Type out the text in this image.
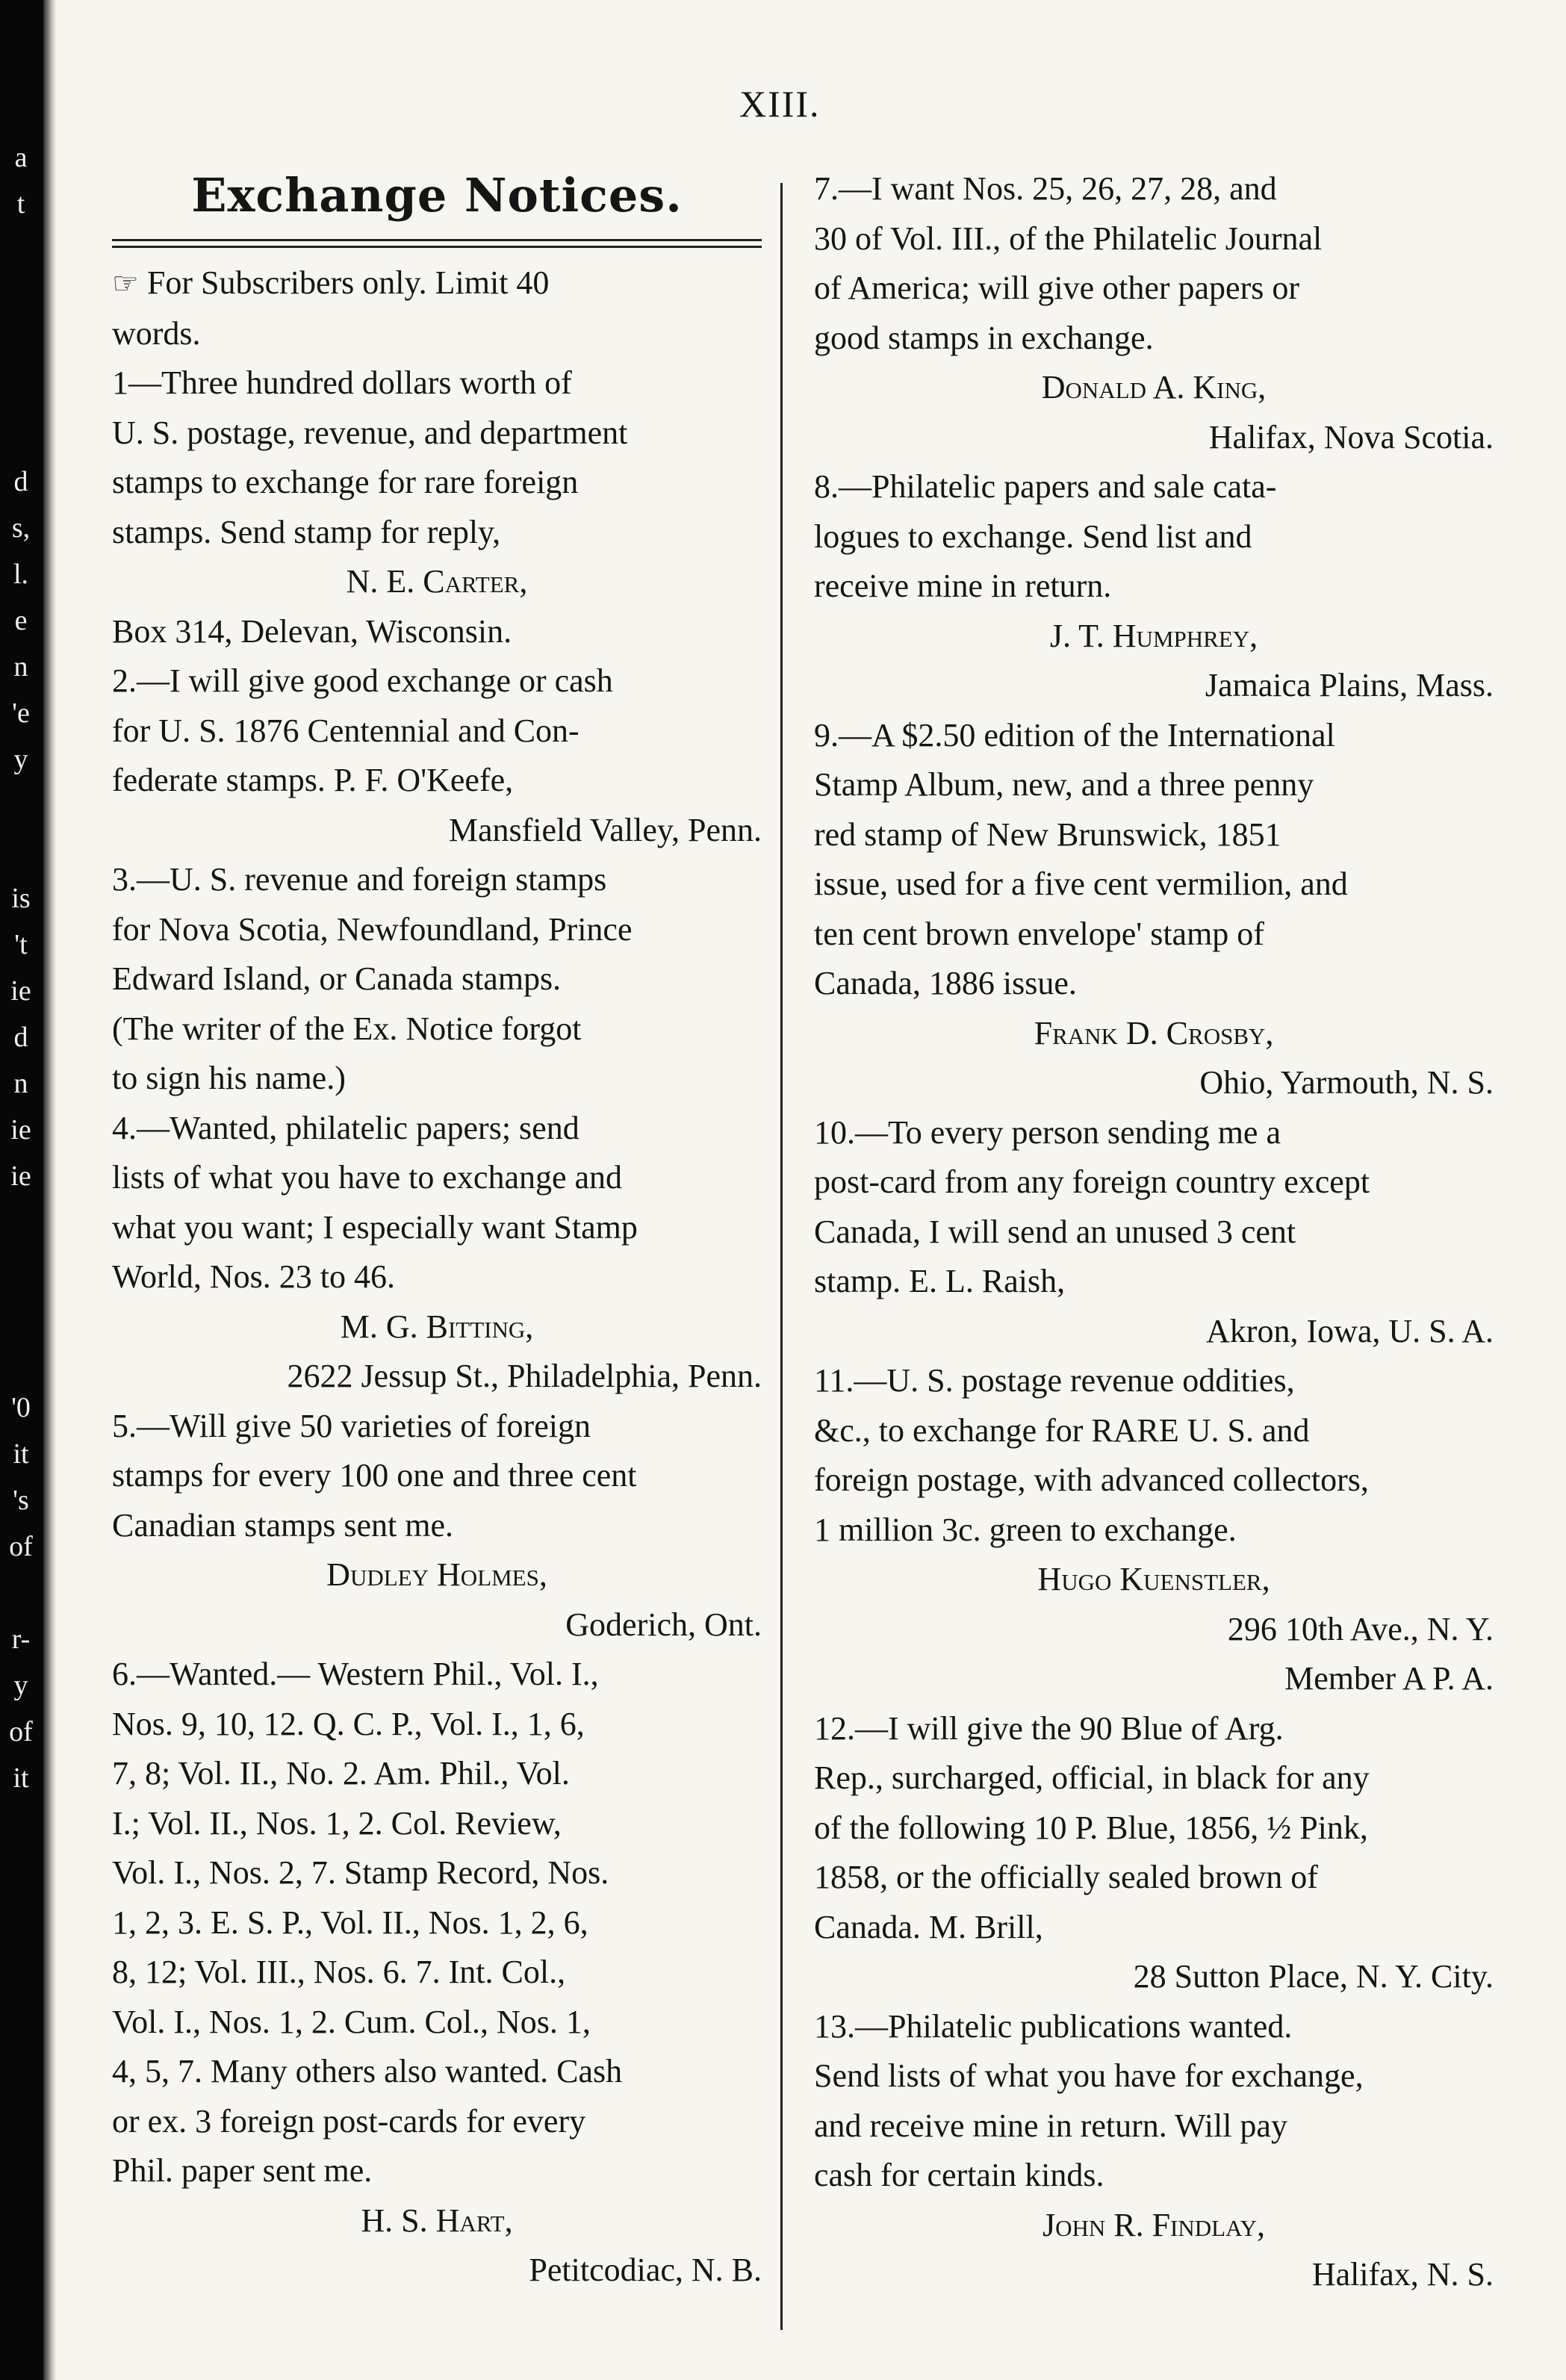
a
t
d
s,
l.
e
n
'e
y
is
't
ie
d
n
ie
ie
'0
it
's
of
r-
y
of
it
XIII.
Exchange Notices.

☞ For Subscribers only. Limit 40

words.

1—Three hundred dollars worth of

U. S. postage, revenue, and department

stamps to exchange for rare foreign

stamps. Send stamp for reply,

N. E. Carter,

Box 314, Delevan, Wisconsin.

2.—I will give good exchange or cash

for U. S. 1876 Centennial and Con-

federate stamps. P. F. O'Keefe,

Mansfield Valley, Penn.

3.—U. S. revenue and foreign stamps

for Nova Scotia, Newfoundland, Prince

Edward Island, or Canada stamps.

(The writer of the Ex. Notice forgot

to sign his name.)

4.—Wanted, philatelic papers; send

lists of what you have to exchange and

what you want; I especially want Stamp

World, Nos. 23 to 46.

M. G. Bitting,

2622 Jessup St., Philadelphia, Penn.

5.—Will give 50 varieties of foreign

stamps for every 100 one and three cent

Canadian stamps sent me.

Dudley Holmes,

Goderich, Ont.

6.—Wanted.— Western Phil., Vol. I.,

Nos. 9, 10, 12. Q. C. P., Vol. I., 1, 6,

7, 8; Vol. II., No. 2. Am. Phil., Vol.

I.; Vol. II., Nos. 1, 2. Col. Review,

Vol. I., Nos. 2, 7. Stamp Record, Nos.

1, 2, 3. E. S. P., Vol. II., Nos. 1, 2, 6,

8, 12; Vol. III., Nos. 6. 7. Int. Col.,

Vol. I., Nos. 1, 2. Cum. Col., Nos. 1,

4, 5, 7. Many others also wanted. Cash

or ex. 3 foreign post-cards for every

Phil. paper sent me.

H. S. Hart,

Petitcodiac, N. B.

7.—I want Nos. 25, 26, 27, 28, and

30 of Vol. III., of the Philatelic Journal

of America; will give other papers or

good stamps in exchange.

Donald A. King,

Halifax, Nova Scotia.

8.—Philatelic papers and sale cata-

logues to exchange. Send list and

receive mine in return.

J. T. Humphrey,

Jamaica Plains, Mass.

9.—A $2.50 edition of the International

Stamp Album, new, and a three penny

red stamp of New Brunswick, 1851

issue, used for a five cent vermilion, and

ten cent brown envelope' stamp of

Canada, 1886 issue.

Frank D. Crosby,

Ohio, Yarmouth, N. S.

10.—To every person sending me a

post-card from any foreign country except

Canada, I will send an unused 3 cent

stamp. E. L. Raish,

Akron, Iowa, U. S. A.

11.—U. S. postage revenue oddities,

&c., to exchange for RARE U. S. and

foreign postage, with advanced collectors,

1 million 3c. green to exchange.

Hugo Kuenstler,

296 10th Ave., N. Y.

Member A P. A.

12.—I will give the 90 Blue of Arg.

Rep., surcharged, official, in black for any

of the following 10 P. Blue, 1856, ½ Pink,

1858, or the officially sealed brown of

Canada. M. Brill,

28 Sutton Place, N. Y. City.

13.—Philatelic publications wanted.

Send lists of what you have for exchange,

and receive mine in return. Will pay

cash for certain kinds.

John R. Findlay,

Halifax, N. S.
